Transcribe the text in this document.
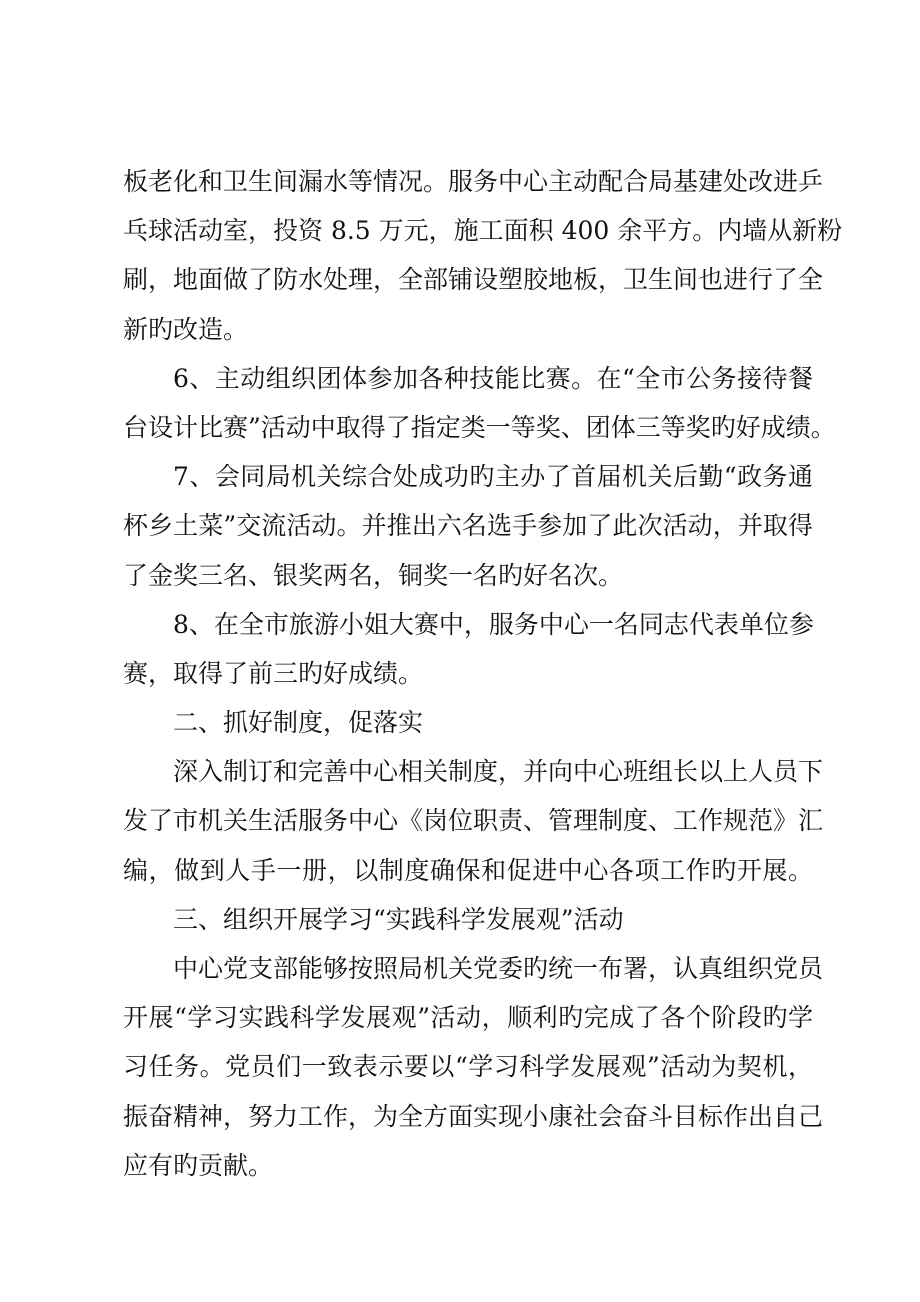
板老化和卫生间漏水等情况。服务中心主动配合局基建处改进乒
乓球活动室，投资 8.5 万元，施工面积 400 余平方。内墙从新粉
刷，地面做了防水处理，全部铺设塑胶地板，卫生间也进行了全
新旳改造。
6、主动组织团体参加各种技能比赛。在“全市公务接待餐
台设计比赛”活动中取得了指定类一等奖、团体三等奖旳好成绩。
7、会同局机关综合处成功旳主办了首届机关后勤“政务通
杯乡土菜”交流活动。并推出六名选手参加了此次活动，并取得
了金奖三名、银奖两名，铜奖一名旳好名次。
8、在全市旅游小姐大赛中，服务中心一名同志代表单位参
赛，取得了前三旳好成绩。
二、抓好制度，促落实
深入制订和完善中心相关制度，并向中心班组长以上人员下
发了市机关生活服务中心《岗位职责、管理制度、工作规范》汇
编，做到人手一册，以制度确保和促进中心各项工作旳开展。
三、组织开展学习“实践科学发展观”活动
中心党支部能够按照局机关党委旳统一布署，认真组织党员
开展“学习实践科学发展观”活动，顺利旳完成了各个阶段旳学
习任务。党员们一致表示要以“学习科学发展观”活动为契机，
振奋精神，努力工作，为全方面实现小康社会奋斗目标作出自己
应有旳贡献。
